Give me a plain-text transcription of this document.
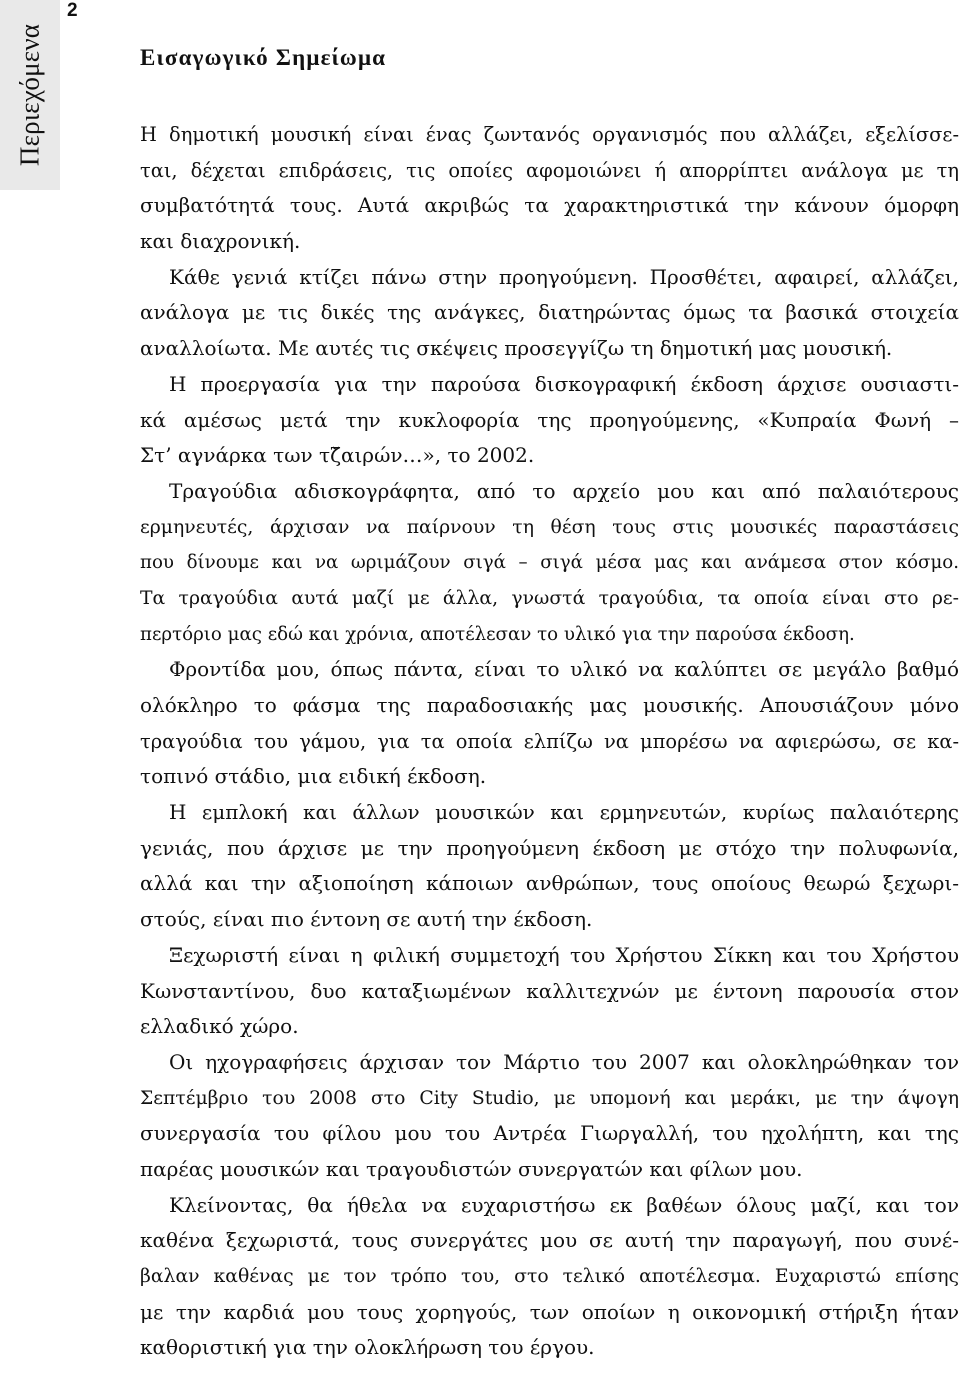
Περιεχόμενα
2
Εισαγωγικό Σημείωμα
Η δημοτική μουσική είναι ένας ζωντανός οργανισμός που αλλάζει, εξελίσσε-
ται, δέχεται επιδράσεις, τις οποίες αφομοιώνει ή απορρίπτει ανάλογα με τη
συμβατότητά τους. Αυτά ακριβώς τα χαρακτηριστικά την κάνουν όμορφη
και διαχρονική.
Κάθε γενιά κτίζει πάνω στην προηγούμενη. Προσθέτει, αφαιρεί, αλλάζει,
ανάλογα με τις δικές της ανάγκες, διατηρώντας όμως τα βασικά στοιχεία
αναλλοίωτα. Με αυτές τις σκέψεις προσεγγίζω τη δημοτική μας μουσική.
Η προεργασία για την παρούσα δισκογραφική έκδοση άρχισε ουσιαστι-
κά αμέσως μετά την κυκλοφορία της προηγούμενης, «Κυπραία Φωνή –
Στ’ αγνάρκα των τζ̆αιρών…», το 2002.
Τραγούδια αδισκογράφητα, από το αρχείο μου και από παλαιότερους
ερμηνευτές, άρχισαν να παίρνουν τη θέση τους στις μουσικές παραστάσεις
που δίνουμε και να ωριμάζουν σιγά – σιγά μέσα μας και ανάμεσα στον κόσμο.
Τα τραγούδια αυτά μαζί με άλλα, γνωστά τραγούδια, τα οποία είναι στο ρε-
περτόριο μας εδώ και χρόνια, αποτέλεσαν το υλικό για την παρούσα έκδοση.
Φροντίδα μου, όπως πάντα, είναι το υλικό να καλύπτει σε μεγάλο βαθμό
ολόκληρο το φάσμα της παραδοσιακής μας μουσικής. Απουσιάζουν μόνο
τραγούδια του γάμου, για τα οποία ελπίζω να μπορέσω να αφιερώσω, σε κα-
τοπινό στάδιο, μια ειδική έκδοση.
Η εμπλοκή και άλλων μουσικών και ερμηνευτών, κυρίως παλαιότερης
γενιάς, που άρχισε με την προηγούμενη έκδοση με στόχο την πολυφωνία,
αλλά και την αξιοποίηση κάποιων ανθρώπων, τους οποίους θεωρώ ξεχωρι-
στούς, είναι πιο έντονη σε αυτή την έκδοση.
Ξεχωριστή είναι η φιλική συμμετοχή του Χρήστου Σίκκη και του Χρήστου
Κωνσταντίνου, δυο καταξιωμένων καλλιτεχνών με έντονη παρουσία στον
ελλαδικό χώρο.
Οι ηχογραφήσεις άρχισαν τον Μάρτιο του 2007 και ολοκληρώθηκαν τον
Σεπτέμβριο του 2008 στο City Studio, με υπομονή και μεράκι, με την άψογη
συνεργασία του φίλου μου του Αντρέα Γιωργαλλή, του ηχολήπτη, και της
παρέας μουσικών και τραγουδιστών συνεργατών και φίλων μου.
Κλείνοντας, θα ήθελα να ευχαριστήσω εκ βαθέων όλους μαζί, και τον
καθένα ξεχωριστά, τους συνεργάτες μου σε αυτή την παραγωγή, που συνέ-
βαλαν καθένας με τον τρόπο του, στο τελικό αποτέλεσμα. Ευχαριστώ επίσης
με την καρδιά μου τους χορηγούς, των οποίων η οικονομική στήριξη ήταν
καθοριστική για την ολοκλήρωση του έργου.
